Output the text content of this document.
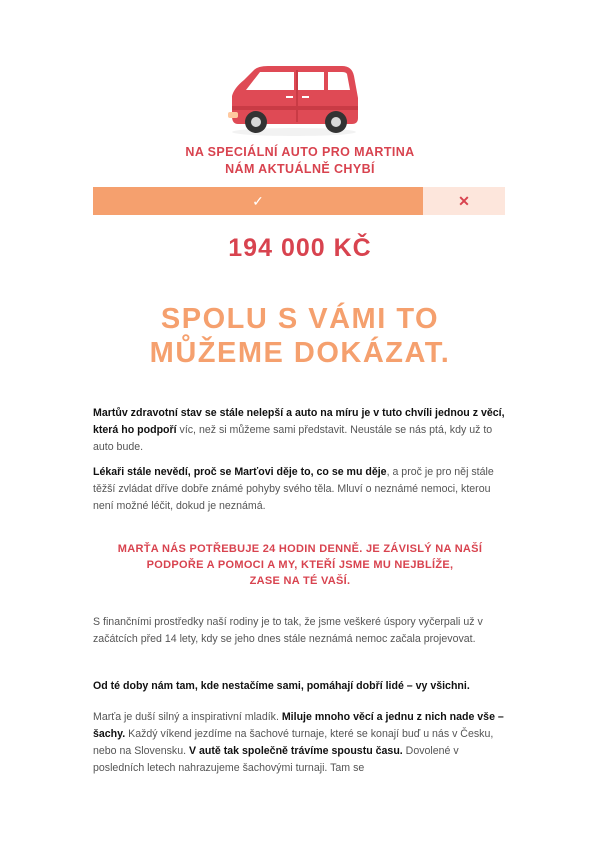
NA SPECIÁLNÍ AUTO PRO MARTINA
NÁM AKTUÁLNĚ CHYBÍ
✓	✕
194 000 KČ
SPOLU S VÁMI TO
MŮŽEME DOKÁZAT.
Martův zdravotní stav se stále nelepší a auto na míru je v tuto chvíli jednou z věcí, která ho podpoří víc, než si můžeme sami představit. Neustále se nás ptá, kdy už to auto bude.
Lékaři stále nevědí, proč se Marťovi děje to, co se mu děje, a proč je pro něj stále těžší zvládat dříve dobře známé pohyby svého těla. Mluví o neznámé nemoci, kterou není možné léčit, dokud je neznámá.
MARŤA NÁS POTŘEBUJE 24 HODIN DENNĚ. JE ZÁVISLÝ NA NAŠÍ
PODPOŘE A POMOCI A MY, KTEŘÍ JSME MU NEJBLÍŽE,
ZASE NA TÉ VAŠÍ.
S finančními prostředky naší rodiny je to tak, že jsme veškeré úspory vyčerpali už v začátcích před 14 lety, kdy se jeho dnes stále neznámá nemoc začala projevovat.
Od té doby nám tam, kde nestačíme sami, pomáhají dobří lidé – vy všichni.
Marťa je duší silný a inspirativní mladík. Miluje mnoho věcí a jednu z nich nade vše – šachy. Každý víkend jezdíme na šachové turnaje, které se konají buď u nás v Česku, nebo na Slovensku. V autě tak společně trávíme spoustu času. Dovolené v posledních letech nahrazujeme šachovými turnaji. Tam se
